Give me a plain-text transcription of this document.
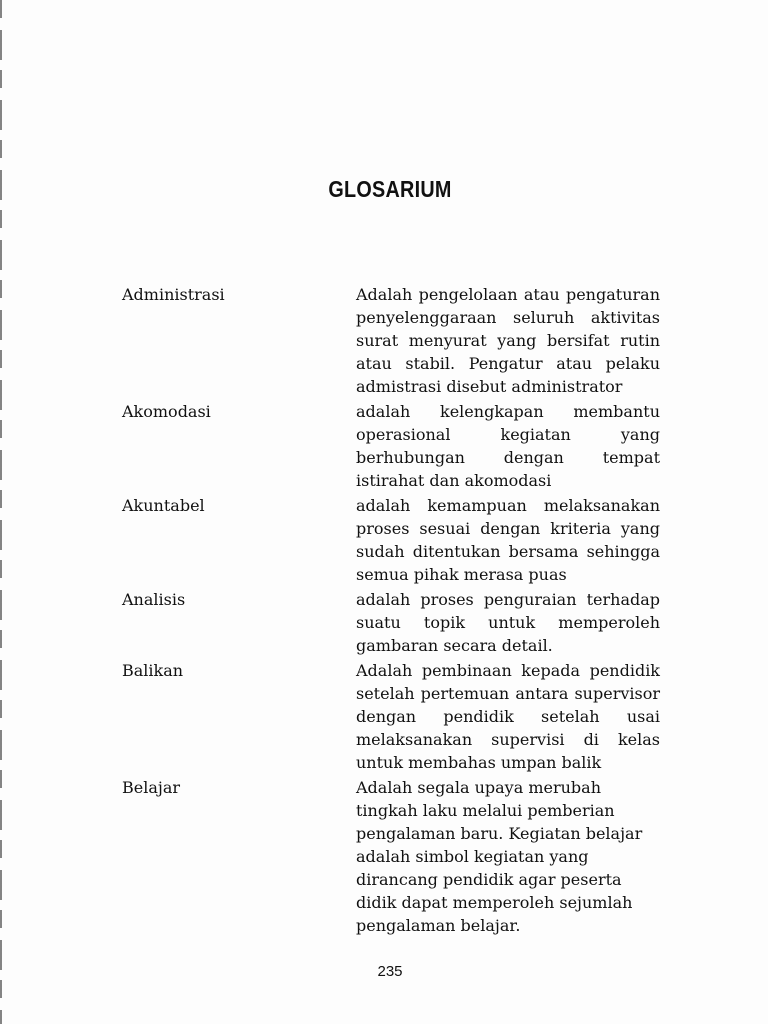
GLOSARIUM
Administrasi	Adalah pengelolaan atau pengaturan penyelenggaraan seluruh aktivitas surat menyurat yang bersifat rutin atau stabil. Pengatur atau pelaku admistrasi disebut administrator
Akomodasi	adalah kelengkapan membantu operasional kegiatan yang berhubungan dengan tempat istirahat dan akomodasi
Akuntabel	adalah kemampuan melaksanakan proses sesuai dengan kriteria yang sudah ditentukan bersama sehingga semua pihak merasa puas
Analisis	adalah proses penguraian terhadap suatu topik untuk memperoleh gambaran secara detail.
Balikan	Adalah pembinaan kepada pendidik setelah pertemuan antara supervisor dengan pendidik setelah usai melaksanakan supervisi di kelas untuk membahas umpan balik
Belajar	Adalah segala upaya merubah tingkah laku melalui pemberian pengalaman baru. Kegiatan belajar adalah simbol kegiatan yang dirancang pendidik agar peserta didik dapat memperoleh sejumlah pengalaman belajar.
235
